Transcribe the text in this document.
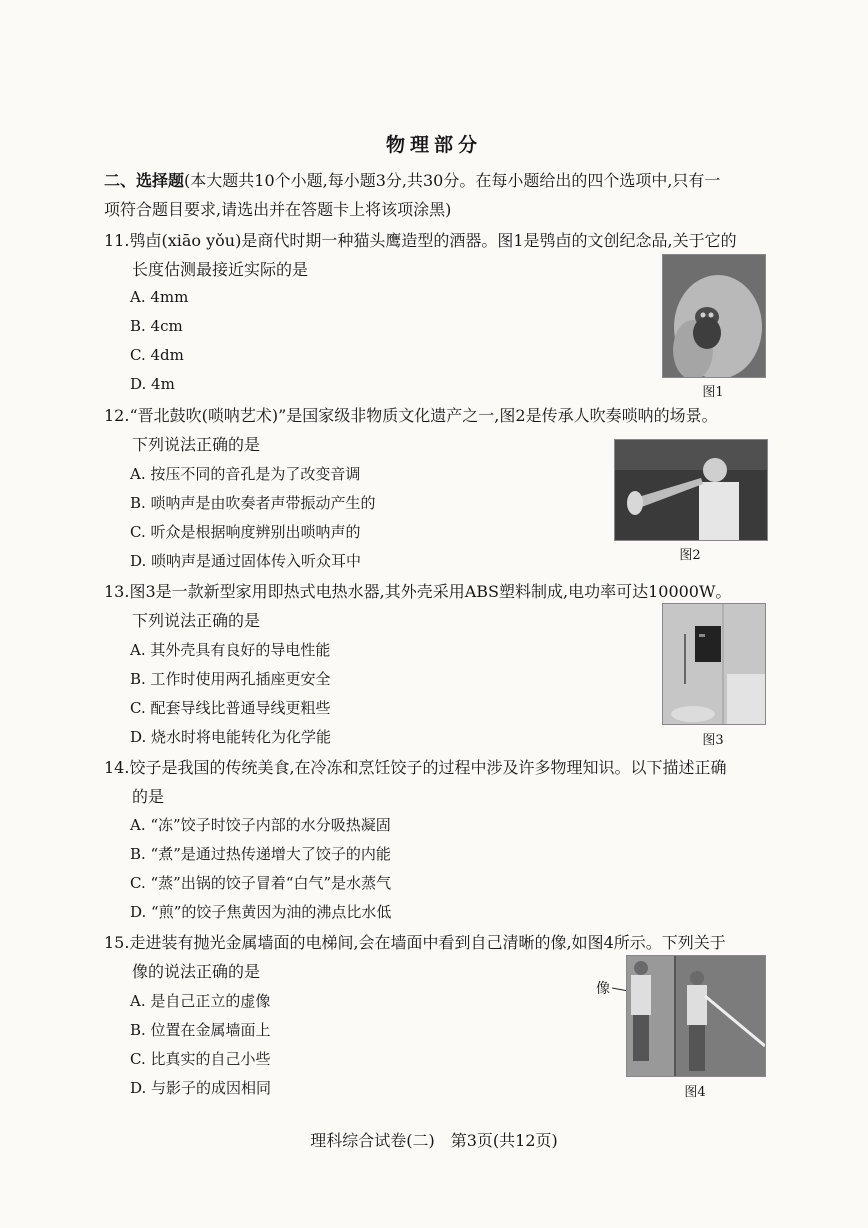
物理部分
二、选择题(本大题共10个小题,每小题3分,共30分。在每小题给出的四个选项中,只有一
项符合题目要求,请选出并在答题卡上将该项涂黑)
11.鸮卣(xiāo yǒu)是商代时期一种猫头鹰造型的酒器。图1是鸮卣的文创纪念品,关于它的
长度估测最接近实际的是
A. 4mm
B. 4cm
C. 4dm
D. 4m	图1
12.“晋北鼓吹(唢呐艺术)”是国家级非物质文化遗产之一,图2是传承人吹奏唢呐的场景。
下列说法正确的是
A. 按压不同的音孔是为了改变音调
B. 唢呐声是由吹奏者声带振动产生的
C. 听众是根据响度辨别出唢呐声的
D. 唢呐声是通过固体传入听众耳中	图2
13.图3是一款新型家用即热式电热水器,其外壳采用ABS塑料制成,电功率可达10000W。
下列说法正确的是
A. 其外壳具有良好的导电性能
B. 工作时使用两孔插座更安全
C. 配套导线比普通导线更粗些
D. 烧水时将电能转化为化学能	图3
14.饺子是我国的传统美食,在冷冻和烹饪饺子的过程中涉及许多物理知识。以下描述正确
的是
A. “冻”饺子时饺子内部的水分吸热凝固
B. “煮”是通过热传递增大了饺子的内能
C. “蒸”出锅的饺子冒着“白气”是水蒸气
D. “煎”的饺子焦黄因为油的沸点比水低
15.走进装有抛光金属墙面的电梯间,会在墙面中看到自己清晰的像,如图4所示。下列关于
像的说法正确的是
A. 是自己正立的虚像
B. 位置在金属墙面上
C. 比真实的自己小些
D. 与影子的成因相同
像
图4
理科综合试卷(二)　第3页(共12页)
